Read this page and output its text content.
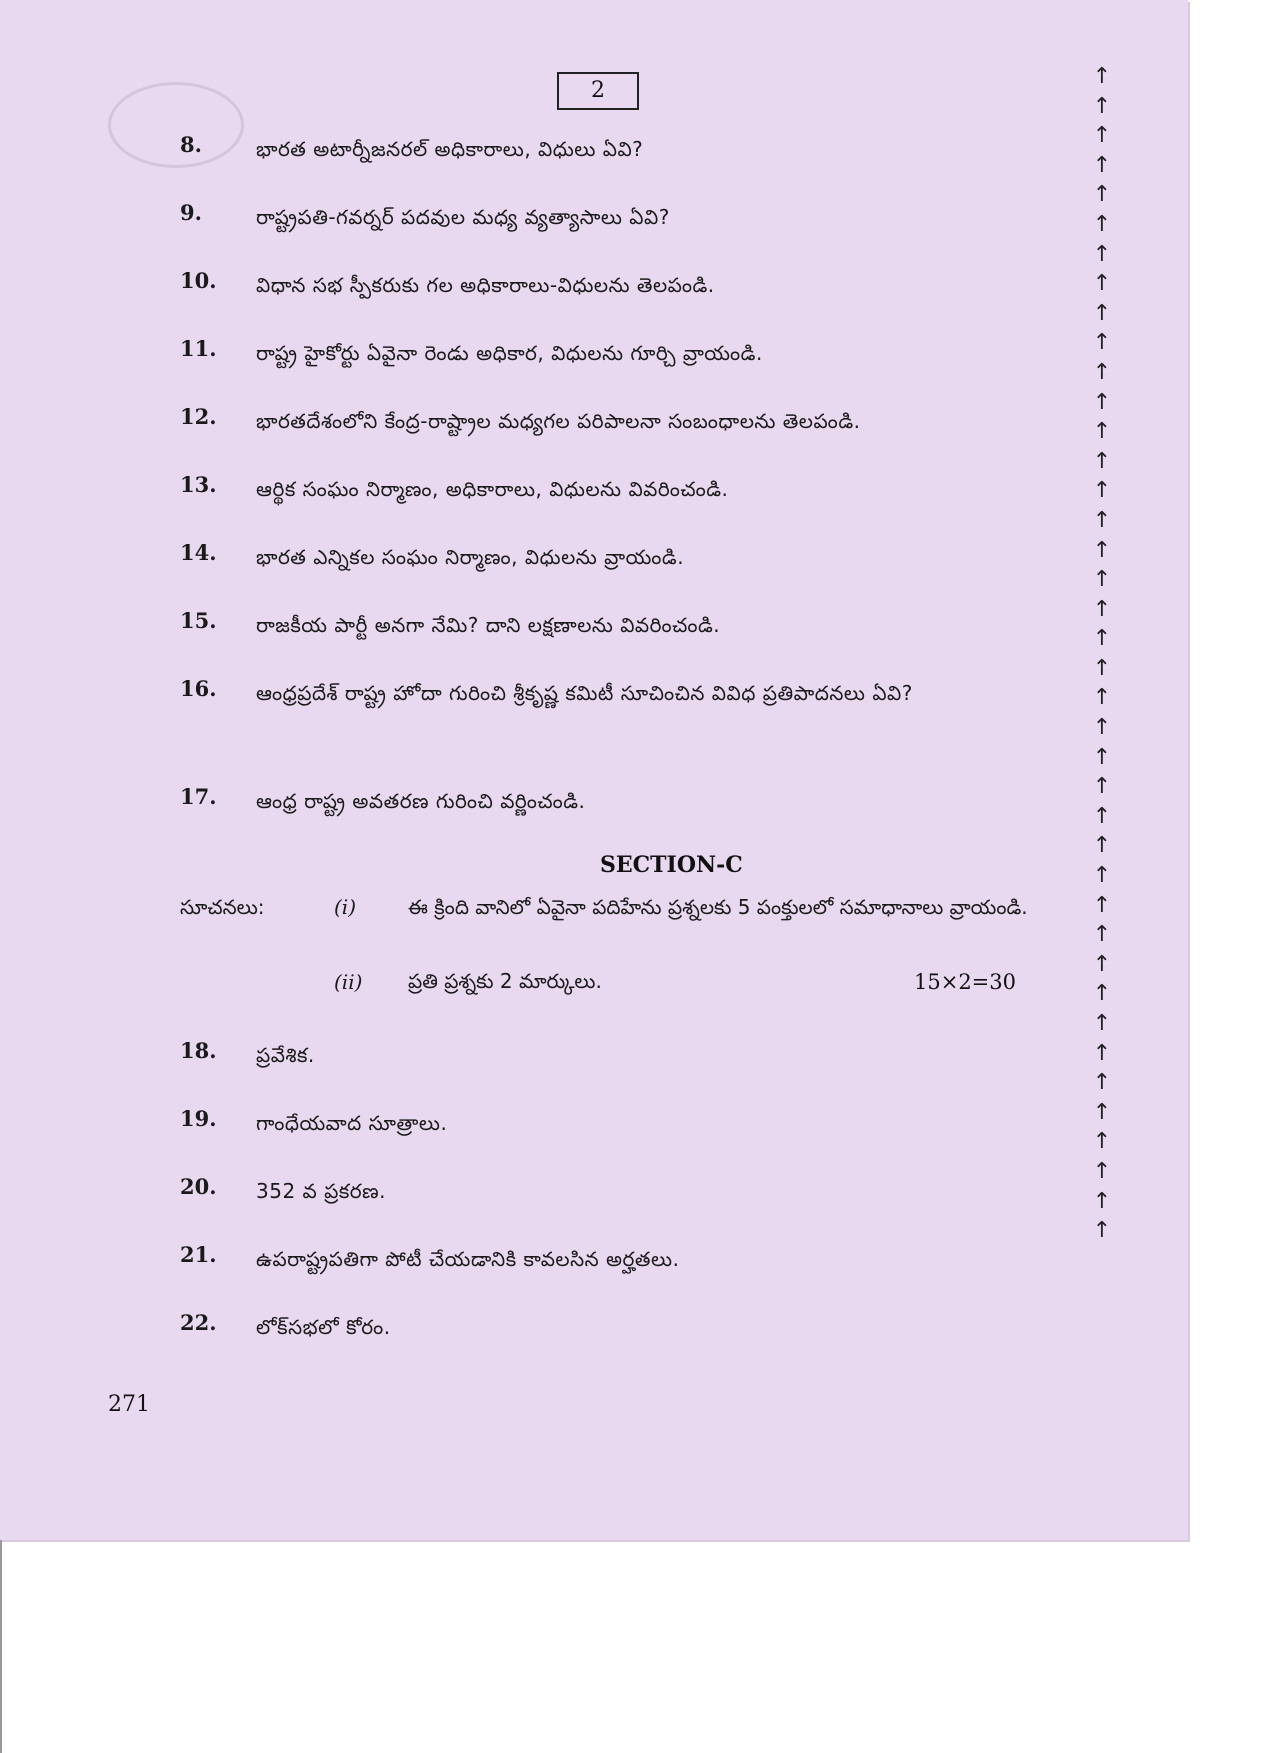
2
8.	భారత అటార్నీజనరల్ అధికారాలు, విధులు ఏవి?
9.	రాష్ట్రపతి-గవర్నర్ పదవుల మధ్య వ్యత్యాసాలు ఏవి?
10. విధాన సభ స్పీకరుకు గల అధికారాలు-విధులను తెలపండి.
11. రాష్ట్ర హైకోర్టు ఏవైనా రెండు అధికార, విధులను గూర్చి వ్రాయండి.
12. భారతదేశంలోని కేంద్ర-రాష్ట్రాల మధ్యగల పరిపాలనా సంబంధాలను తెలపండి.
13. ఆర్థిక సంఘం నిర్మాణం, అధికారాలు, విధులను వివరించండి.
14. భారత ఎన్నికల సంఘం నిర్మాణం, విధులను వ్రాయండి.
15. రాజకీయ పార్టీ అనగా నేమి? దాని లక్షణాలను వివరించండి.
16. ఆంధ్రప్రదేశ్ రాష్ట్ర హోదా గురించి శ్రీకృష్ణ కమిటీ సూచించిన వివిధ ప్రతిపాదనలు ఏవి?
17. ఆంధ్ర రాష్ట్ర అవతరణ గురించి వర్ణించండి.
SECTION-C
సూచనలు:	(i)	ఈ క్రింది వానిలో ఏవైనా పదిహేను ప్రశ్నలకు 5 పంక్తులలో సమాధానాలు వ్రాయండి.
(ii) ప్రతి ప్రశ్నకు 2 మార్కులు.	15×2=30
18. ప్రవేశిక.
19. గాంధేయవాద సూత్రాలు.
20. 352 వ ప్రకరణ.
21. ఉపరాష్ట్రపతిగా పోటీ చేయడానికి కావలసిన అర్హతలు.
22. లోక్‌సభలో కోరం.
271
↑
↑
↑
↑
↑
↑
↑
↑
↑
↑
↑
↑
↑
↑
↑
↑
↑
↑
↑
↑
↑
↑
↑
↑
↑
↑
↑
↑
↑
↑
↑
↑
↑
↑
↑
↑
↑
↑
↑
↑
